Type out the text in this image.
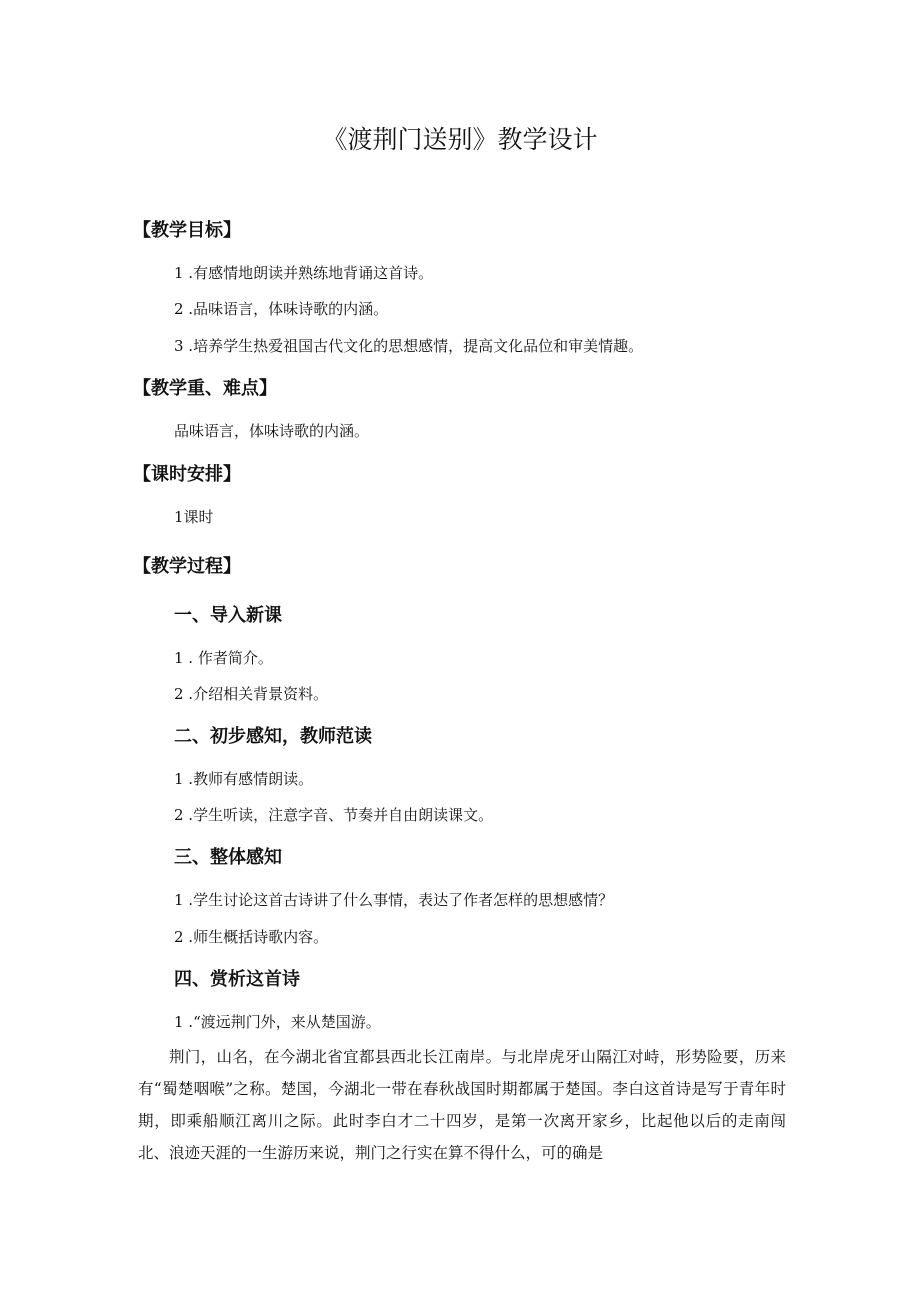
《渡荆门送别》教学设计
【教学目标】
1 .有感情地朗读并熟练地背诵这首诗。
2 .品味语言，体味诗歌的内涵。
3 .培养学生热爱祖国古代文化的思想感情，提高文化品位和审美情趣。
【教学重、难点】
品味语言，体味诗歌的内涵。
【课时安排】
1课时
【教学过程】
一、导入新课
1 . 作者简介。
2 .介绍相关背景资料。
二、初步感知，教师范读
1 .教师有感情朗读。
2 .学生听读，注意字音、节奏并自由朗读课文。
三、整体感知
1 .学生讨论这首古诗讲了什么事情，表达了作者怎样的思想感情？
2 .师生概括诗歌内容。
四、赏析这首诗
1 .“渡远荆门外，来从楚国游。

荆门，山名，在今湖北省宜都县西北长江南岸。与北岸虎牙山隔江对峙，形势险要，历来有“蜀楚咽喉”之称。楚国，今湖北一带在春秋战国时期都属于楚国。李白这首诗是写于青年时期，即乘船顺江离川之际。此时李白才二十四岁，是第一次离开家乡，比起他以后的走南闯北、浪迹天涯的一生游历来说，荆门之行实在算不得什么，可的确是
